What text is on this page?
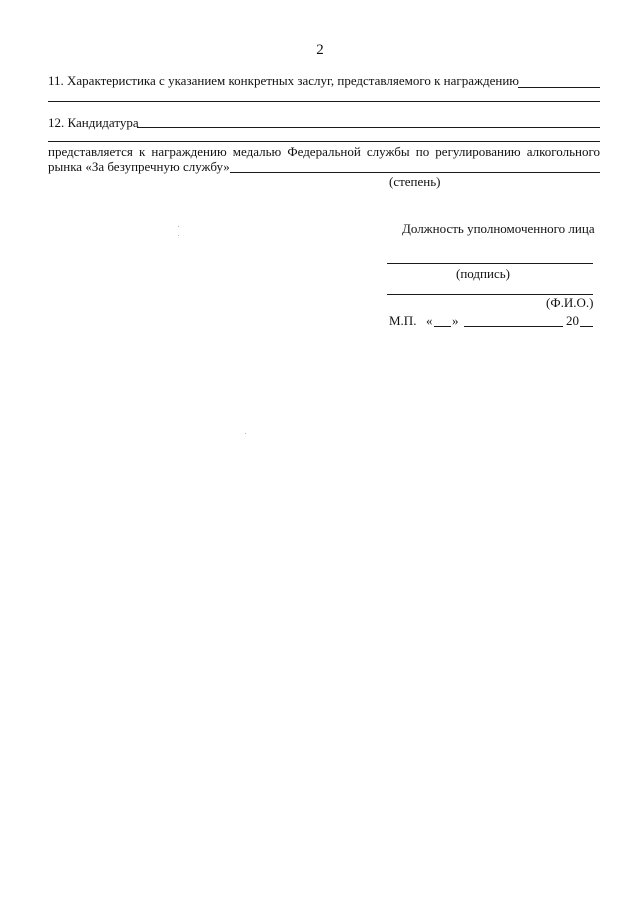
2
11. Характеристика с указанием конкретных заслуг, представляемого к награждению
12. Кандидатура
представляется к награждению медалью Федеральной службы по регулированию алкогольного
рынка «За безупречную службу»
(степень)
Должность уполномоченного лица
(подпись)
(Ф.И.О.)
М.П. « »	20
